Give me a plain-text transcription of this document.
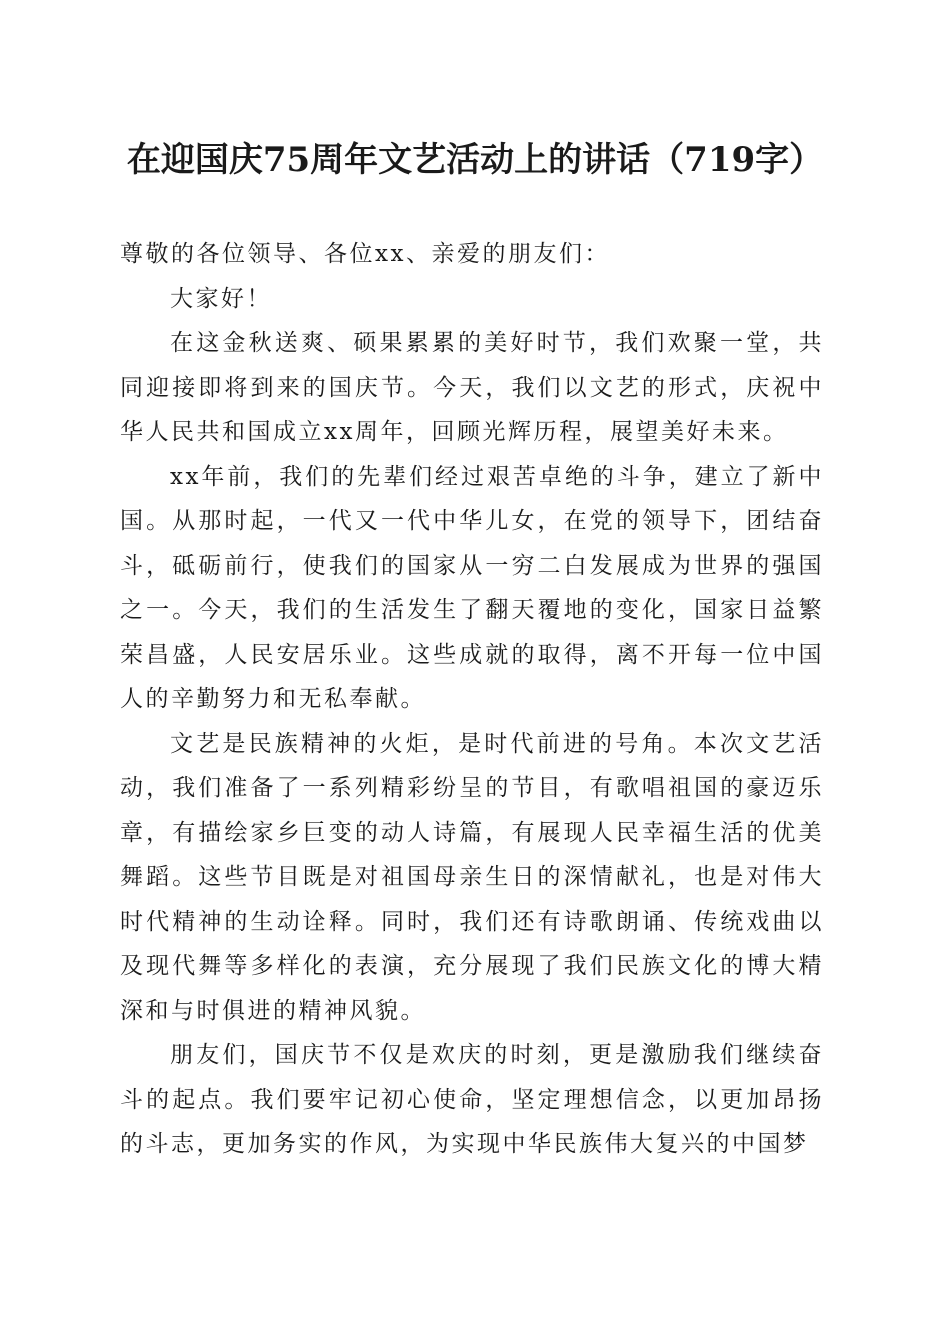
在迎国庆75周年文艺活动上的讲话（719字）

尊敬的各位领导、各位xx、亲爱的朋友们：

大家好！

在这金秋送爽、硕果累累的美好时节，我们欢聚一堂，共同迎接即将到来的国庆节。今天，我们以文艺的形式，庆祝中华人民共和国成立xx周年，回顾光辉历程，展望美好未来。

xx年前，我们的先辈们经过艰苦卓绝的斗争，建立了新中国。从那时起，一代又一代中华儿女，在党的领导下，团结奋斗，砥砺前行，使我们的国家从一穷二白发展成为世界的强国之一。今天，我们的生活发生了翻天覆地的变化，国家日益繁荣昌盛，人民安居乐业。这些成就的取得，离不开每一位中国人的辛勤努力和无私奉献。

文艺是民族精神的火炬，是时代前进的号角。本次文艺活动，我们准备了一系列精彩纷呈的节目，有歌唱祖国的豪迈乐章，有描绘家乡巨变的动人诗篇，有展现人民幸福生活的优美舞蹈。这些节目既是对祖国母亲生日的深情献礼，也是对伟大时代精神的生动诠释。同时，我们还有诗歌朗诵、传统戏曲以及现代舞等多样化的表演，充分展现了我们民族文化的博大精深和与时俱进的精神风貌。

朋友们，国庆节不仅是欢庆的时刻，更是激励我们继续奋斗的起点。我们要牢记初心使命，坚定理想信念，以更加昂扬的斗志，更加务实的作风，为实现中华民族伟大复兴的中国梦
